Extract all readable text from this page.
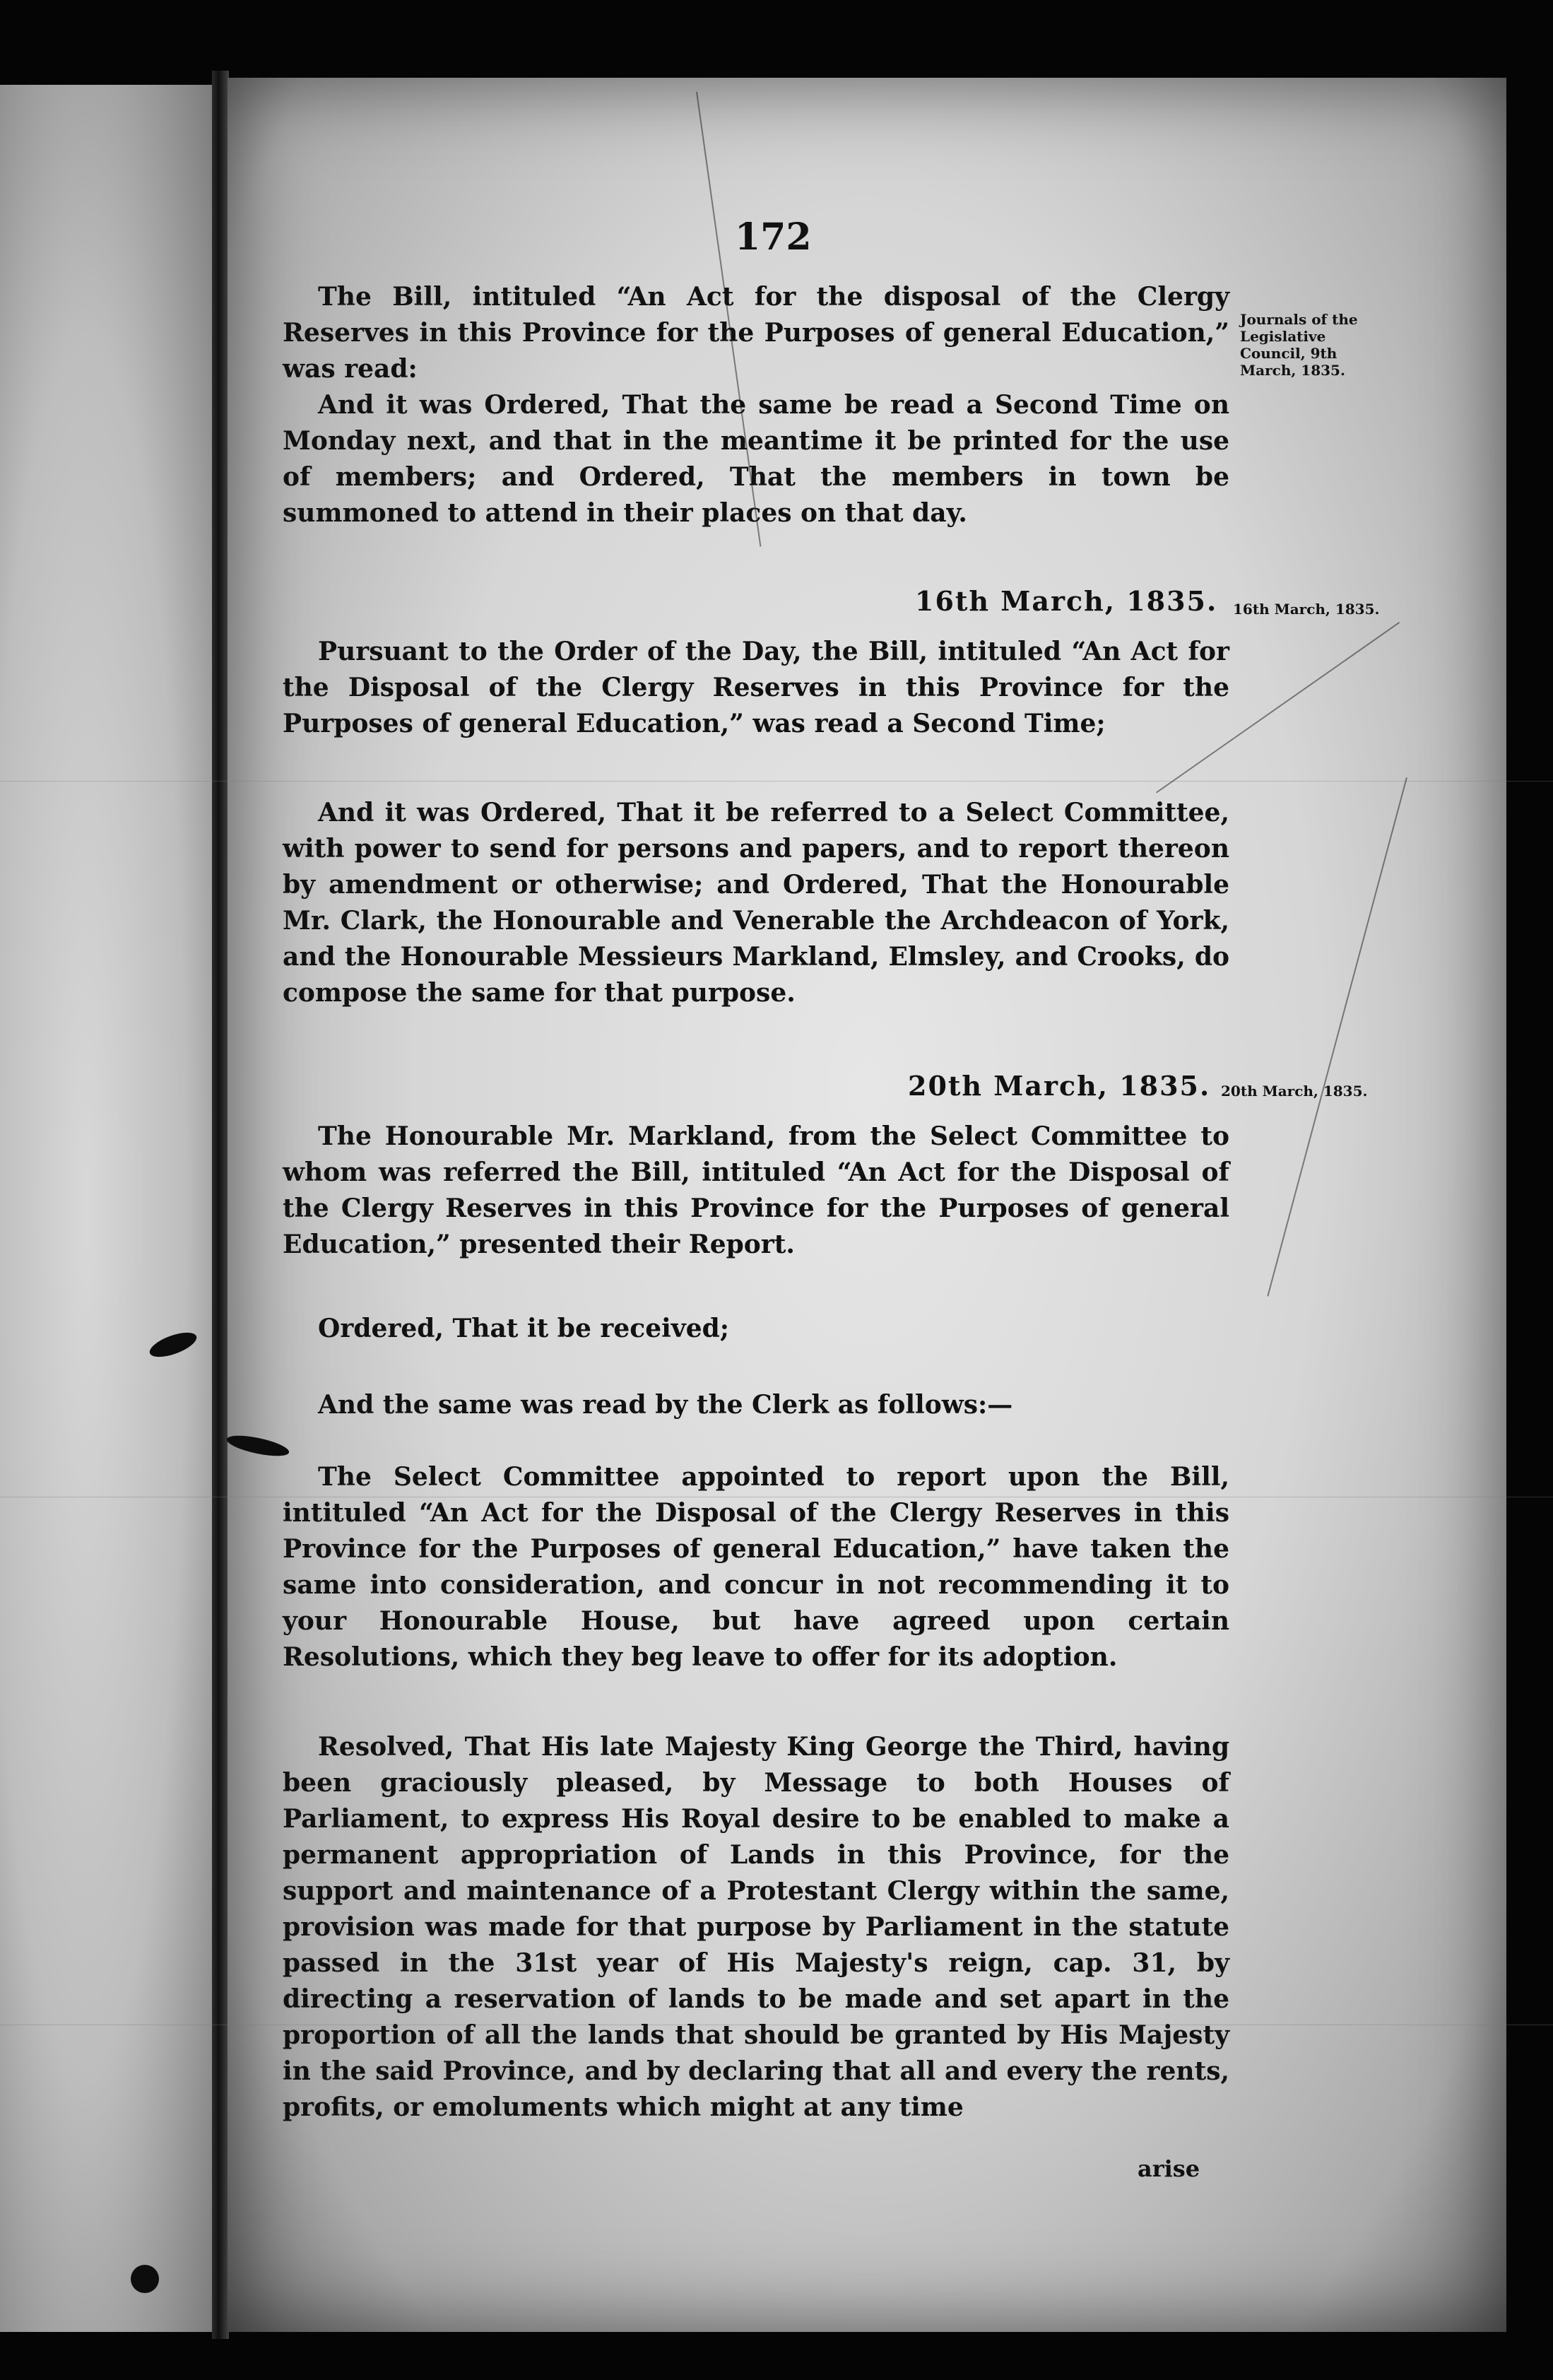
172
Journals of the Legislative Council, 9th March, 1835.
16th March, 1835.
20th March, 1835.

The Bill, intituled “An Act for the disposal of the Clergy Reserves in this Province for the Purposes of general Education,” was read:

And it was Ordered, That the same be read a Second Time on Monday next, and that in the meantime it be printed for the use of members; and Ordered, That the members in town be summoned to attend in their places on that day.

16th March, 1835.

Pursuant to the Order of the Day, the Bill, intituled “An Act for the Disposal of the Clergy Reserves in this Province for the Purposes of general Education,” was read a Second Time;

And it was Ordered, That it be referred to a Select Committee, with power to send for persons and papers, and to report thereon by amendment or otherwise; and Ordered, That the Honourable Mr. Clark, the Honourable and Venerable the Archdeacon of York, and the Honourable Messieurs Markland, Elmsley, and Crooks, do compose the same for that purpose.

20th March, 1835.

The Honourable Mr. Markland, from the Select Committee to whom was referred the Bill, intituled “An Act for the Disposal of the Clergy Reserves in this Province for the Purposes of general Education,” presented their Report.

Ordered, That it be received;

And the same was read by the Clerk as follows:—

The Select Committee appointed to report upon the Bill, intituled “An Act for the Disposal of the Clergy Reserves in this Province for the Purposes of general Education,” have taken the same into consideration, and concur in not recommending it to your Honourable House, but have agreed upon certain Resolutions, which they beg leave to offer for its adoption.

Resolved, That His late Majesty King George the Third, having been graciously pleased, by Message to both Houses of Parliament, to express His Royal desire to be enabled to make a permanent appropriation of Lands in this Province, for the support and maintenance of a Protestant Clergy within the same, provision was made for that purpose by Parliament in the statute passed in the 31st year of His Majesty's reign, cap. 31, by directing a reservation of lands to be made and set apart in the proportion of all the lands that should be granted by His Majesty in the said Province, and by declaring that all and every the rents, profits, or emoluments which might at any time

arise
